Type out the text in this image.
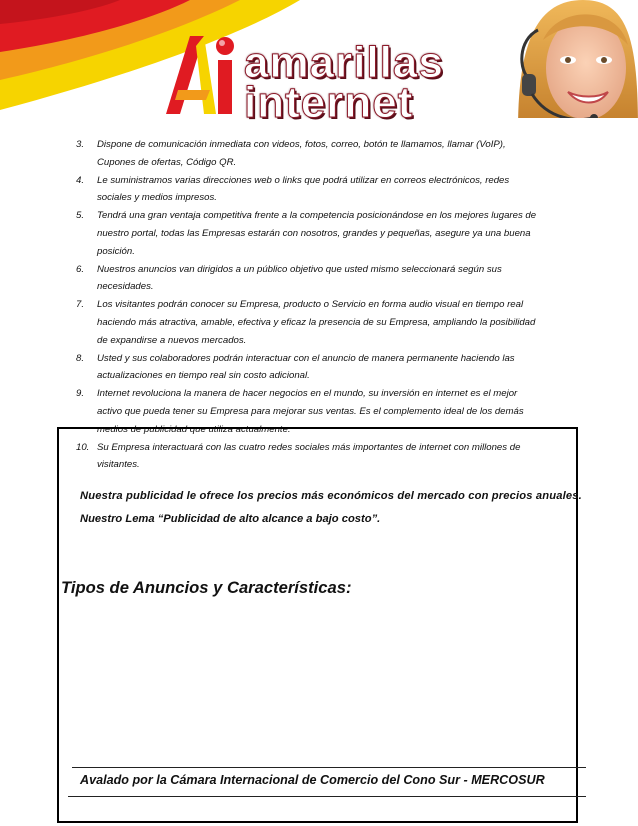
amarillas
internet
3. Dispone de comunicación inmediata con videos, fotos, correo, botón te llamamos, llamar (VoIP),
Cupones de ofertas, Código QR.
4. Le suministramos varias direcciones web o links que podrá utilizar en correos electrónicos, redes
sociales y medios impresos.
5. Tendrá una gran ventaja competitiva frente a la competencia posicionándose en los mejores lugares de
nuestro portal, todas las Empresas estarán con nosotros, grandes y pequeñas, asegure ya una buena
posición.
6. Nuestros anuncios van dirigidos a un público objetivo que usted mismo seleccionará según sus
necesidades.
7. Los visitantes podrán conocer su Empresa, producto o Servicio en forma audio visual en tiempo real
haciendo más atractiva, amable, efectiva y eficaz la presencia de su Empresa, ampliando la posibilidad
de expandirse a nuevos mercados.
8. Usted y sus colaboradores podrán interactuar con el anuncio de manera permanente haciendo las
actualizaciones en tiempo real sin costo adicional.
9. Internet revoluciona la manera de hacer negocios en el mundo, su inversión en internet es el mejor
activo que pueda tener su Empresa para mejorar sus ventas. Es el complemento ideal de los demás
medios de publicidad que utiliza actualmente.
10. Su Empresa interactuará con las cuatro redes sociales más importantes de internet con millones de
visitantes.
Nuestra publicidad le ofrece los precios más económicos del mercado con precios anuales.
Nuestro Lema “Publicidad de alto alcance a bajo costo”.
Tipos de Anuncios y Características:
Avalado por la Cámara Internacional de Comercio del Cono Sur - MERCOSUR
